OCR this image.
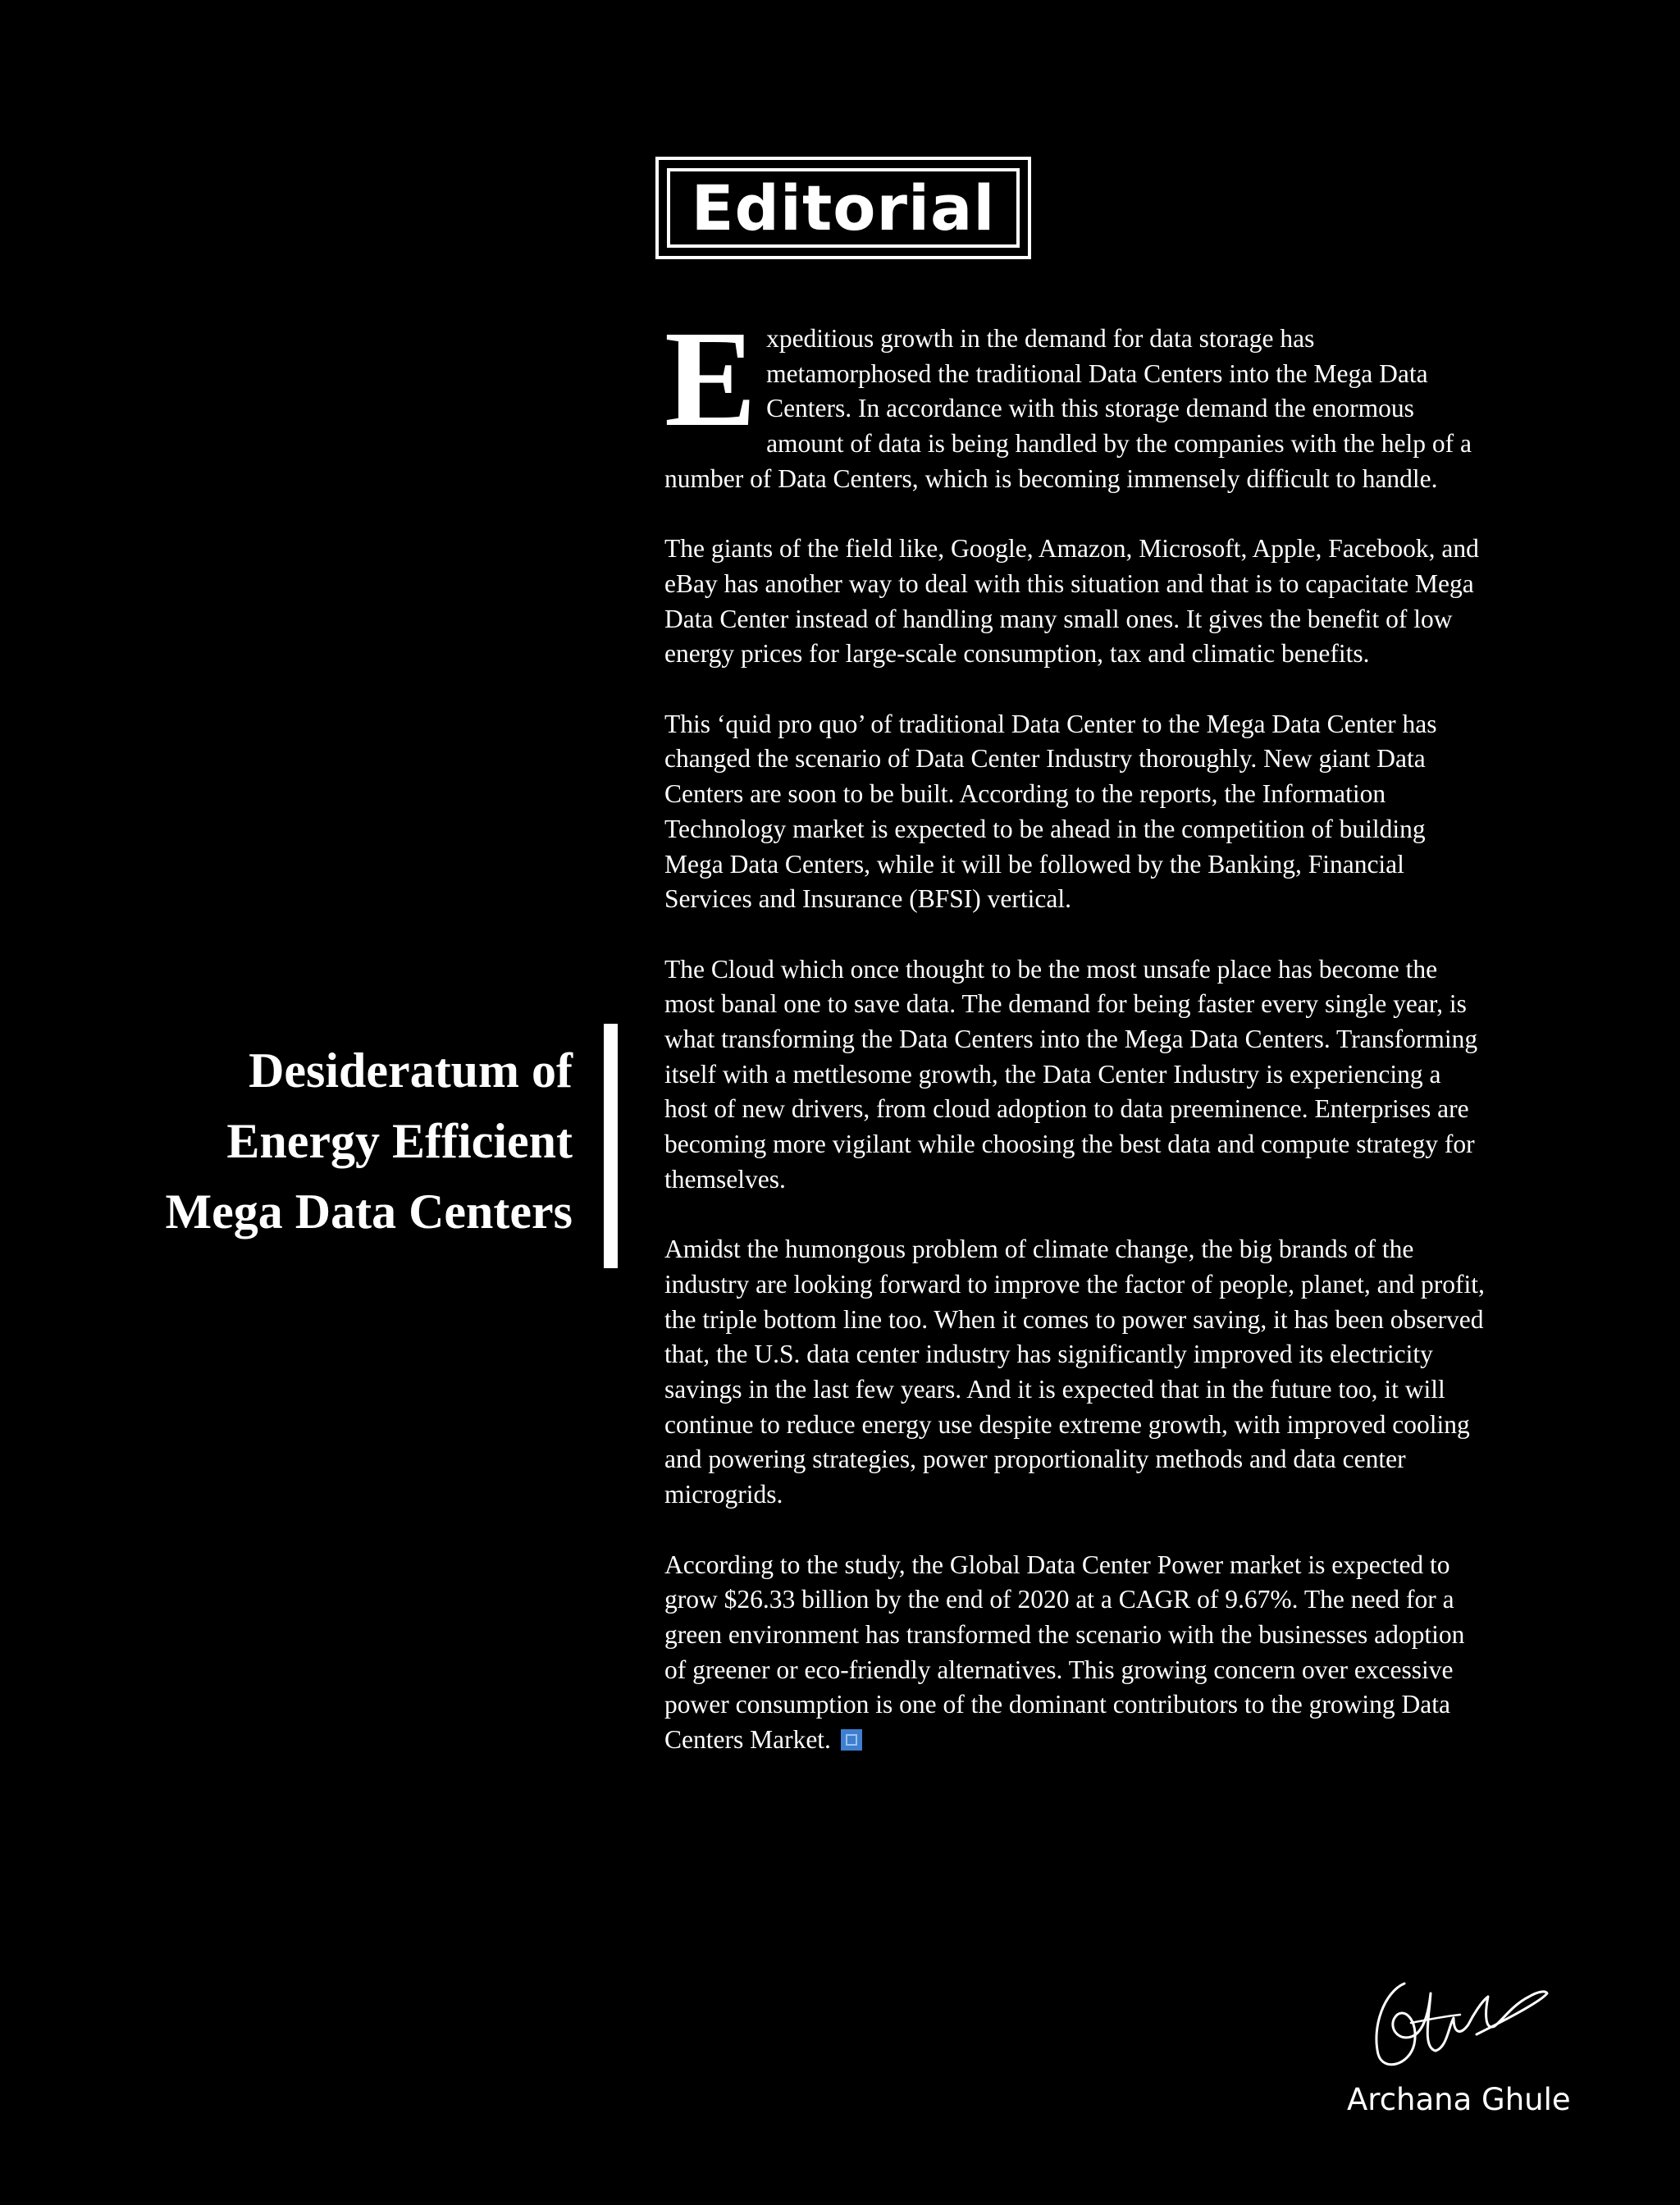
Editorial
Desideratum of
Energy Efficient
Mega Data Centers

Expeditious growth in the demand for data storage has metamorphosed the traditional Data Centers into the Mega Data Centers. In accordance with this storage demand the enormous amount of data is being handled by the companies with the help of a number of Data Centers, which is becoming immensely difficult to handle.

The giants of the field like, Google, Amazon, Microsoft, Apple, Facebook, and eBay has another way to deal with this situation and that is to capacitate Mega Data Center instead of handling many small ones. It gives the benefit of low energy prices for large-scale consumption, tax and climatic benefits.

This ‘quid pro quo’ of traditional Data Center to the Mega Data Center has changed the scenario of Data Center Industry thoroughly. New giant Data Centers are soon to be built. According to the reports, the Information Technology market is expected to be ahead in the competition of building Mega Data Centers, while it will be followed by the Banking, Financial Services and Insurance (BFSI) vertical.

The Cloud which once thought to be the most unsafe place has become the most banal one to save data. The demand for being faster every single year, is what transforming the Data Centers into the Mega Data Centers. Transforming itself with a mettlesome growth, the Data Center Industry is experiencing a host of new drivers, from cloud adoption to data preeminence. Enterprises are becoming more vigilant while choosing the best data and compute strategy for themselves.

Amidst the humongous problem of climate change, the big brands of the industry are looking forward to improve the factor of people, planet, and profit, the triple bottom line too. When it comes to power saving, it has been observed that, the U.S. data center industry has significantly improved its electricity savings in the last few years. And it is expected that in the future too, it will continue to reduce energy use despite extreme growth, with improved cooling and powering strategies, power proportionality methods and data center microgrids.

According to the study, the Global Data Center Power market is expected to grow $26.33 billion by the end of 2020 at a CAGR of 9.67%. The need for a green environment has transformed the scenario with the businesses adoption of greener or eco-friendly alternatives. This growing concern over excessive power consumption is one of the dominant contributors to the growing Data Centers Market.

Archana Ghule
